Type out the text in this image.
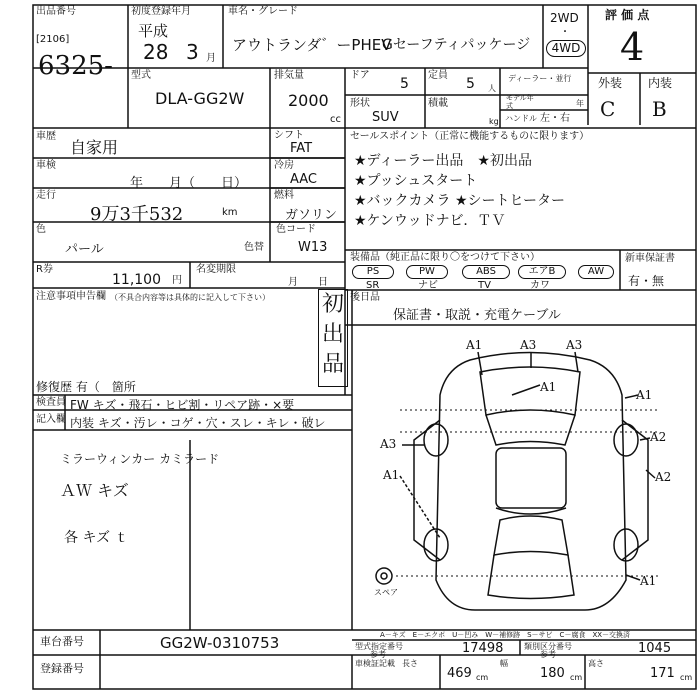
出品番号
[2106]
6325-
初度登録年月
平成
28 3 月
車名・グレード
アウトランダ゛ーPHEV
Gセーフティパッケージ
2WD
・
4WD
評 価 点
4
外装 内装
C B
型式
DLA-GG2W
排気量
2000
cc
ドア
5
定員
5 人
ディーラー・並行
モデル年式	年
形状
SUV
積載
kg ハンドル 左・右
車歴
自家用
車検
年　　月（　　日）
走行
9万3千532	km
色
パール	色替
色コード
W13
R券
11,100 円
名変期限
月　　日
シフト
FAT
冷房
AAC
燃料
ガソリン
セールスポイント（正常に機能するものに限ります）
★ディーラー出品　★初出品
★プッシュスタート
★バックカメラ ★シートヒーター
★ケンウッドナビ．ＴＶ
装備品（純正品に限り〇をつけて下さい）
PS	PW	ABS	エアB	AW
SR	ナビ	TV	カワ
新車保証書
有・無
後日品
保証書・取説・充電ケーブル
注意事項申告欄 （不具合内容等は具体的に記入して下さい） 初
出
品
修復歴 有（　箇所
検査員
記入欄
FW キズ・飛石・ヒビ割・リペア跡・×要
内装 キズ・汚レ・コゲ・穴・スレ・キレ・破レ
ミラーウィンカー カミラード
ＡＷ キズ
各 キズ ｔ
A1	A3 A3
A1
A2
A3
A1	A2
A1
A1
スペア
A－キズ　E－エクボ　U－凹み　W－補修跡　S－サビ　C－腐食　XX－交換済
車台番号	GG2W-0310753
登録番号
型式指定番号
参考	17498	類別区分番号
参考	1045
車検証記載 長さ
469 cm
幅
180 cm
高さ
171 cm
